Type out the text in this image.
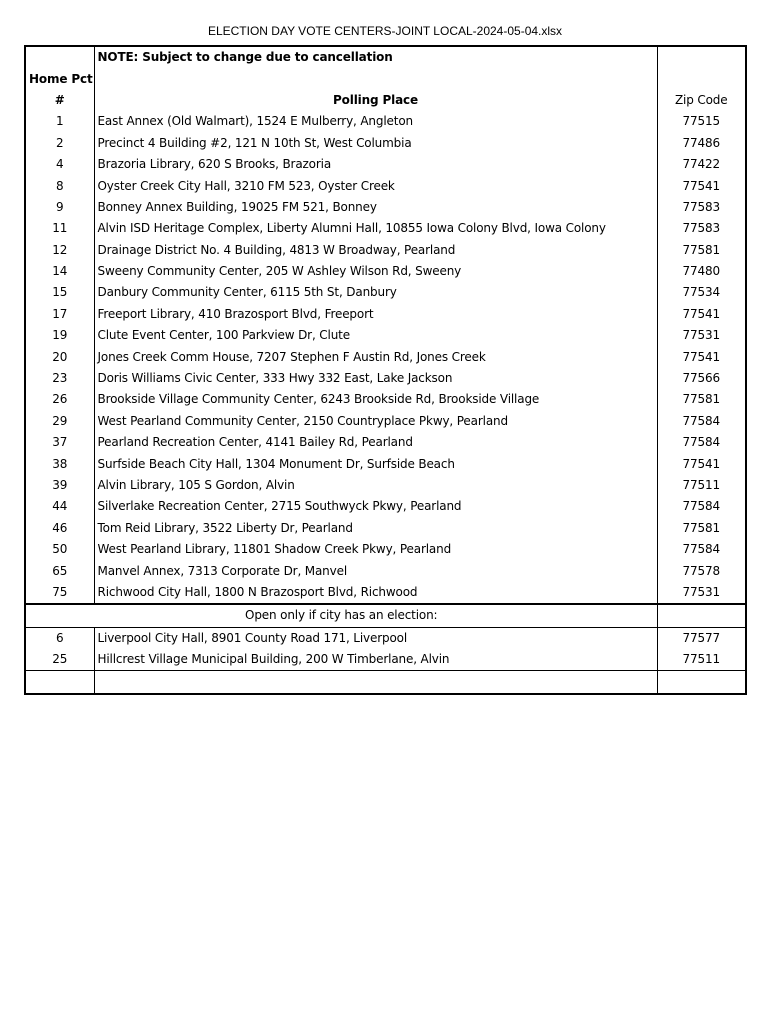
ELECTION DAY VOTE CENTERS-JOINT LOCAL-2024-05-04.xlsx
	NOTE: Subject to change due to cancellation	
Home Pct		
#	Polling Place	Zip Code
1	East Annex (Old Walmart), 1524 E Mulberry, Angleton	77515
2	Precinct 4 Building #2, 121 N 10th St, West Columbia	77486
4	Brazoria Library, 620 S Brooks, Brazoria	77422
8	Oyster Creek City Hall, 3210 FM 523, Oyster Creek	77541
9	Bonney Annex Building, 19025 FM 521, Bonney	77583
11	Alvin ISD Heritage Complex, Liberty Alumni Hall, 10855 Iowa Colony Blvd, Iowa Colony	77583
12	Drainage District No. 4 Building, 4813 W Broadway, Pearland	77581
14	Sweeny Community Center, 205 W Ashley Wilson Rd, Sweeny	77480
15	Danbury Community Center, 6115 5th St, Danbury	77534
17	Freeport Library, 410 Brazosport Blvd, Freeport	77541
19	Clute Event Center, 100 Parkview Dr, Clute	77531
20	Jones Creek Comm House, 7207 Stephen F Austin Rd, Jones Creek	77541
23	Doris Williams Civic Center, 333 Hwy 332 East, Lake Jackson	77566
26	Brookside Village Community Center, 6243 Brookside Rd, Brookside Village	77581
29	West Pearland Community Center, 2150 Countryplace Pkwy, Pearland	77584
37	Pearland Recreation Center, 4141 Bailey Rd, Pearland	77584
38	Surfside Beach City Hall, 1304 Monument Dr, Surfside Beach	77541
39	Alvin Library, 105 S Gordon, Alvin	77511
44	Silverlake Recreation Center, 2715 Southwyck Pkwy, Pearland	77584
46	Tom Reid Library, 3522 Liberty Dr, Pearland	77581
50	West Pearland Library, 11801 Shadow Creek Pkwy, Pearland	77584
65	Manvel Annex, 7313 Corporate Dr, Manvel	77578
75	Richwood City Hall, 1800 N Brazosport Blvd, Richwood	77531
Open only if city has an election:		
6	Liverpool City Hall, 8901 County Road 171, Liverpool	77577
25	Hillcrest Village Municipal Building, 200 W Timberlane, Alvin	77511
